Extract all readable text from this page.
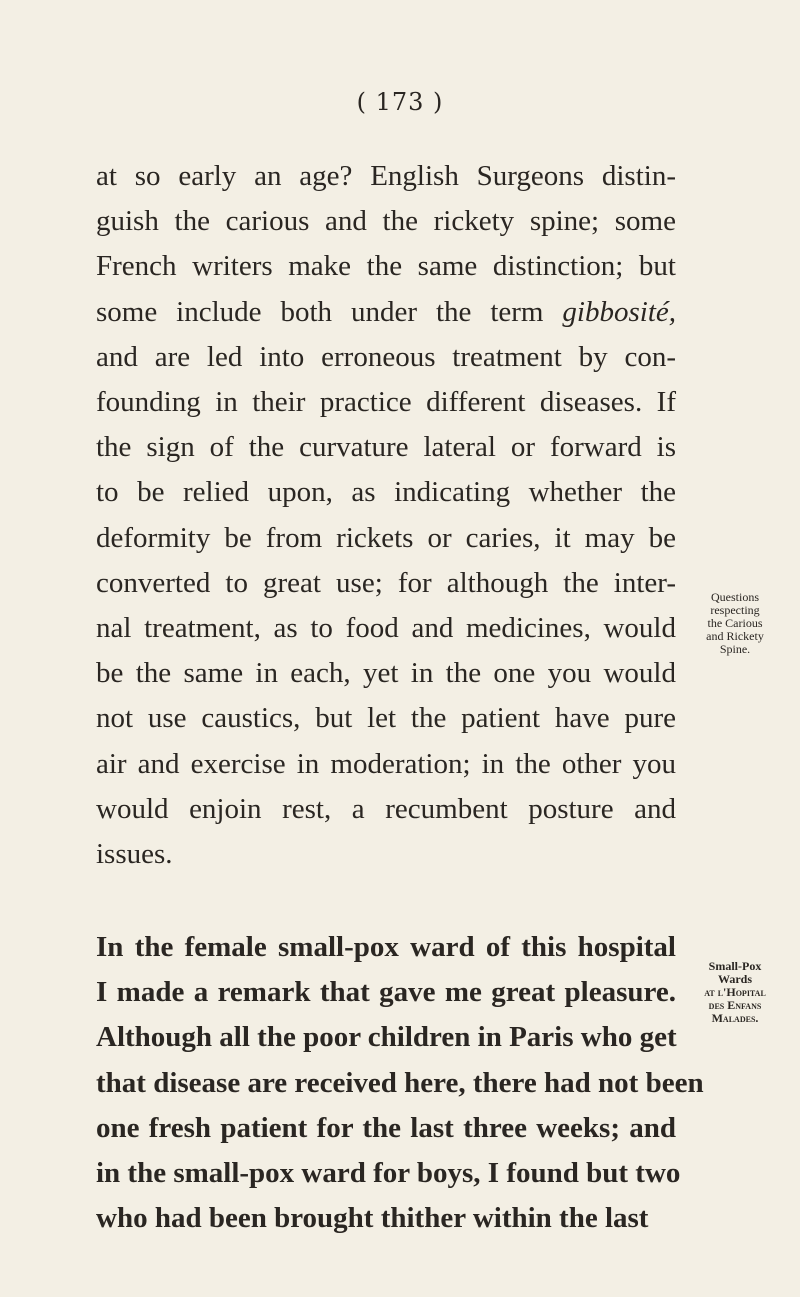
( 173 )
at so early an age? English Surgeons distin-
guish the carious and the rickety spine; some
French writers make the same distinction; but
some include both under the term gibbosité,
and are led into erroneous treatment by con-
founding in their practice different diseases. If
the sign of the curvature lateral or forward is
to be relied upon, as indicating whether the
deformity be from rickets or caries, it may be
converted to great use; for although the inter-
nal treatment, as to food and medicines, would
be the same in each, yet in the one you would
not use caustics, but let the patient have pure
air and exercise in moderation; in the other you
would enjoin rest, a recumbent posture and
issues.
Questions
respecting
the Carious
and Rickety
Spine.
In the female small-pox ward of this hospital
I made a remark that gave me great pleasure.
Although all the poor children in Paris who get
that disease are received here, there had not been
one fresh patient for the last three weeks; and
in the small-pox ward for boys, I found but two
who had been brought thither within the last
Small-Pox
Wards
at l'Hopital
des Enfans
Malades.
